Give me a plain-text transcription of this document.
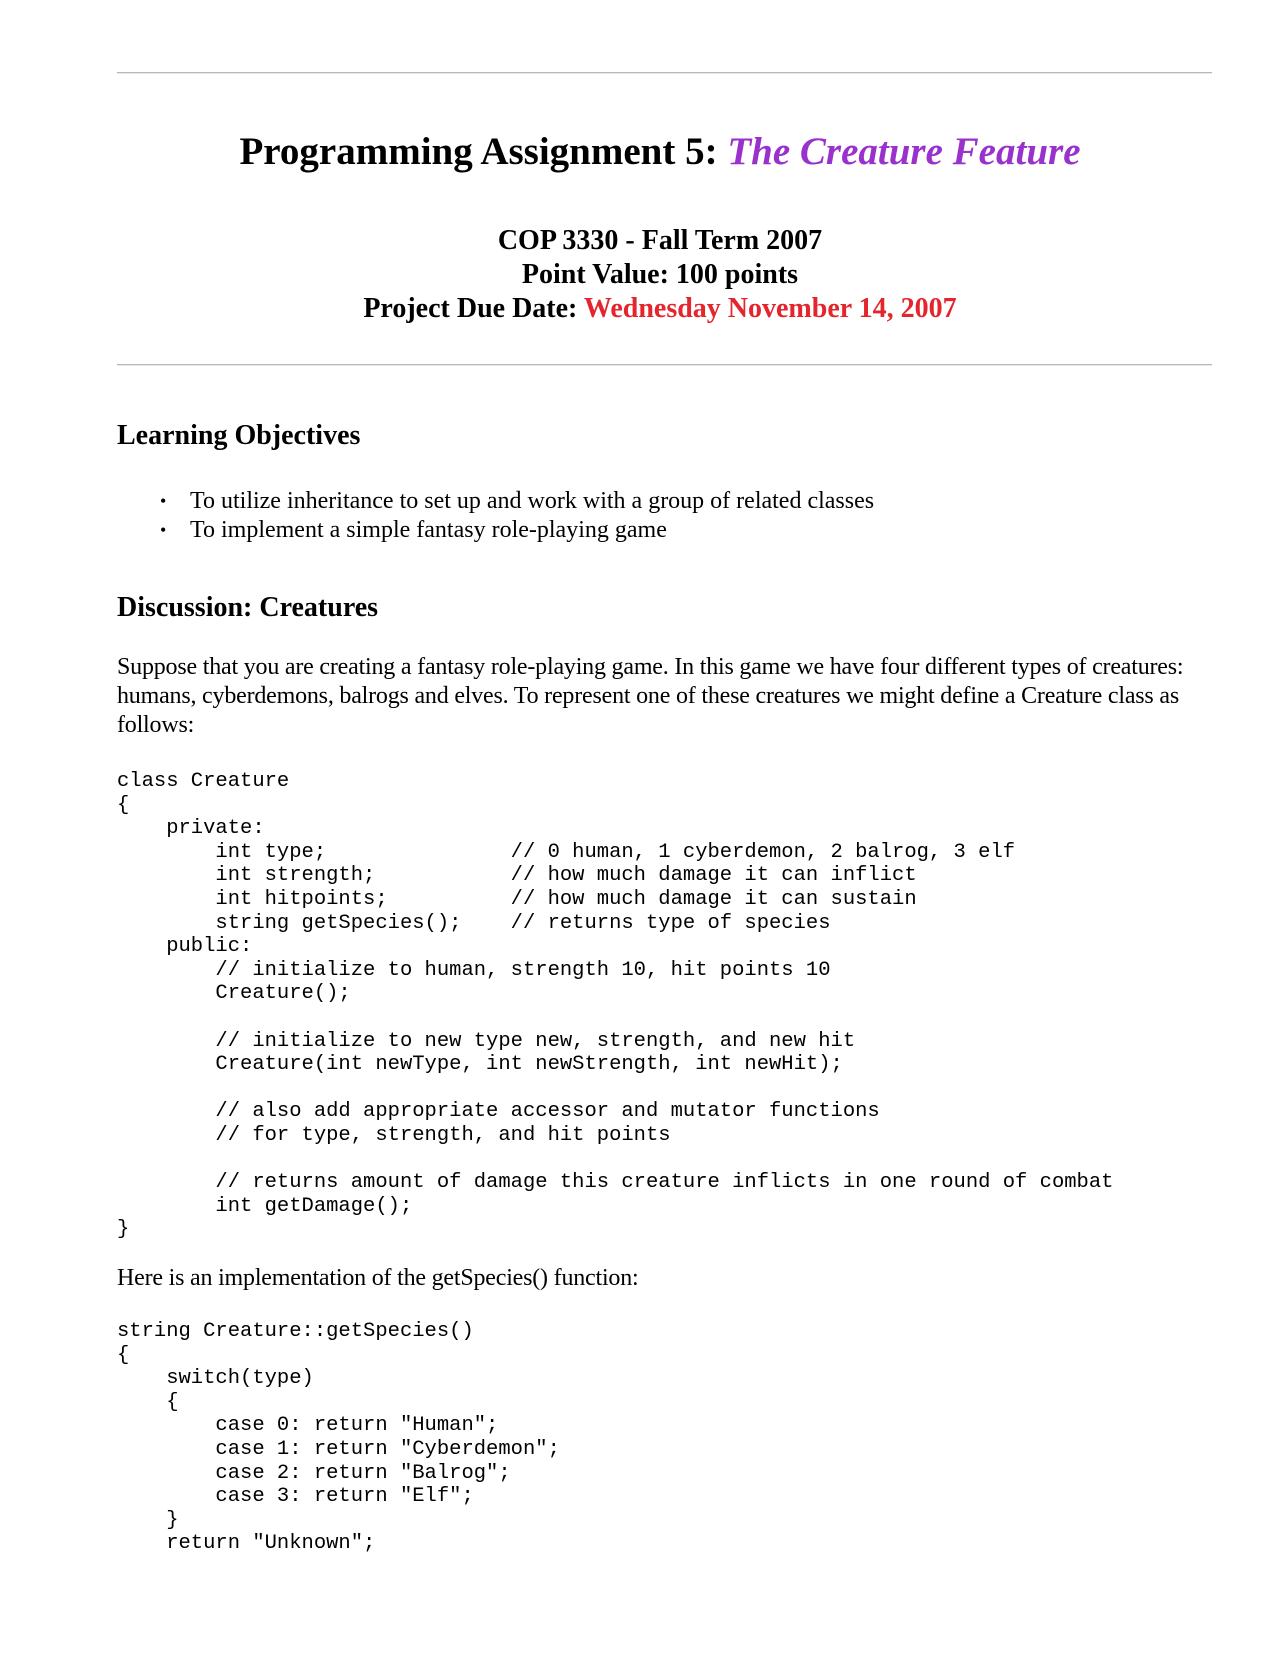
Programming Assignment 5: The Creature Feature
COP 3330 - Fall Term 2007
Point Value: 100 points
Project Due Date: Wednesday November 14, 2007
Learning Objectives
• To utilize inheritance to set up and work with a group of related classes
• To implement a simple fantasy role-playing game
Discussion: Creatures

Suppose that you are creating a fantasy role-playing game. In this game we have four different types of creatures: humans, cyberdemons, balrogs and elves. To represent one of these creatures we might define a Creature class as follows:

class Creature
{
private:
int type;               // 0 human, 1 cyberdemon, 2 balrog, 3 elf
int strength;           // how much damage it can inflict
int hitpoints;          // how much damage it can sustain
string getSpecies();    // returns type of species
public:
// initialize to human, strength 10, hit points 10
Creature();

// initialize to new type new, strength, and new hit
Creature(int newType, int newStrength, int newHit);

// also add appropriate accessor and mutator functions
// for type, strength, and hit points

// returns amount of damage this creature inflicts in one round of combat
int getDamage();
}

Here is an implementation of the getSpecies() function:

string Creature::getSpecies()
{
switch(type)
{
case 0: return "Human";
case 1: return "Cyberdemon";
case 2: return "Balrog";
case 3: return "Elf";
}
return "Unknown";
